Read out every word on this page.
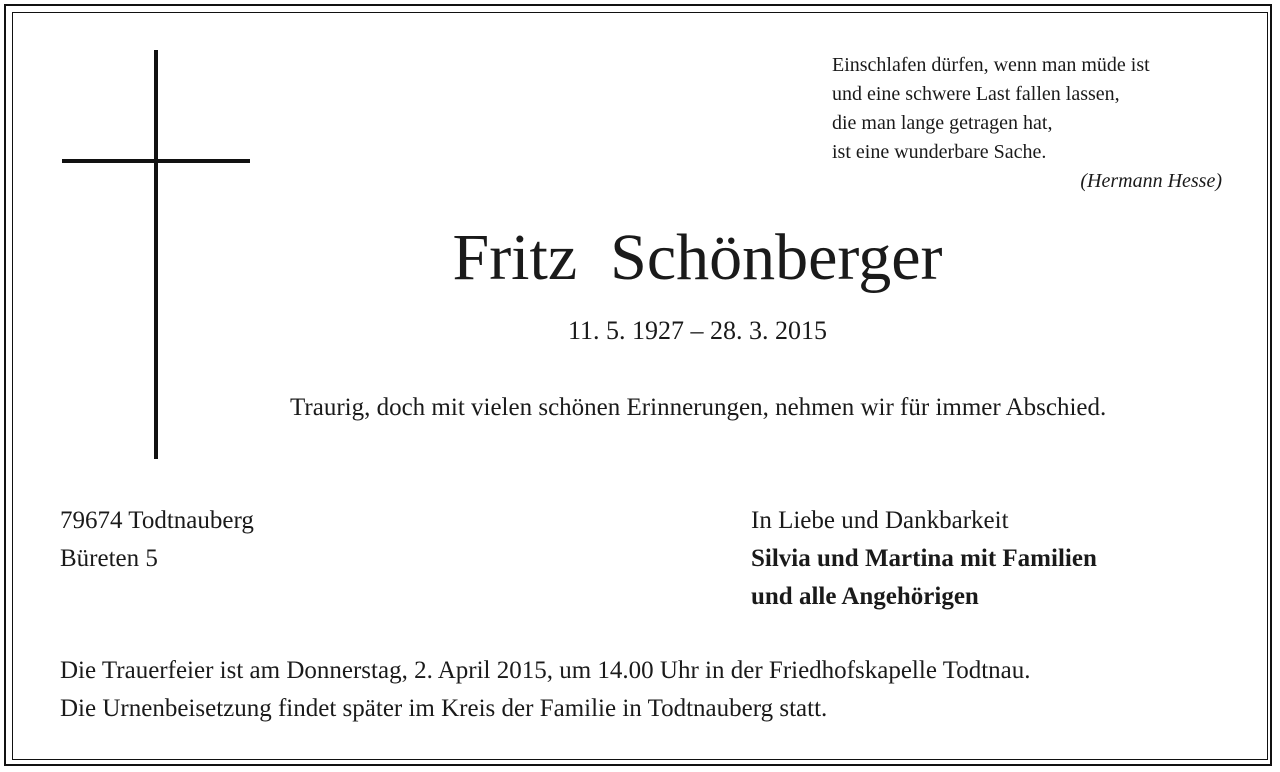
Einschlafen dürfen, wenn man müde ist
und eine schwere Last fallen lassen,
die man lange getragen hat,
ist eine wunderbare Sache.
(Hermann Hesse)
Fritz  Schönberger
11. 5. 1927 – 28. 3. 2015
Traurig, doch mit vielen schönen Erinnerungen, nehmen wir für immer Abschied.
79674 Todtnauberg
Büreten 5
In Liebe und Dankbarkeit
Silvia und Martina mit Familien
und alle Angehörigen
Die Trauerfeier ist am Donnerstag, 2. April 2015, um 14.00 Uhr in der Friedhofskapelle Todtnau.
Die Urnenbeisetzung findet später im Kreis der Familie in Todtnauberg statt.
